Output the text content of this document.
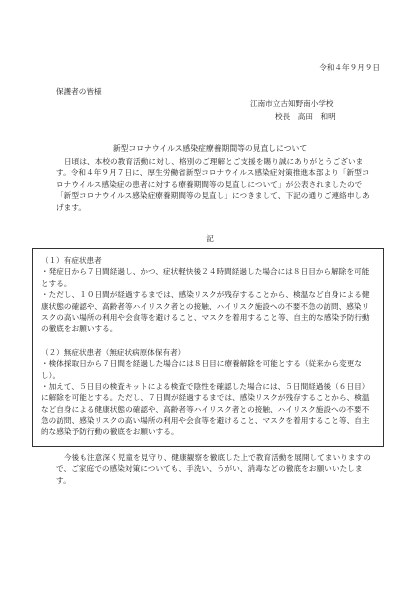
令和４年９月９日
保護者の皆様
江南市立古知野南小学校
校長　高田　和明
新型コロナウイルス感染症療養期間等の見直しについて

日頃は、本校の教育活動に対し、格別のご理解とご支援を賜り誠にありがとうございます。令和４年９月７日に、厚生労働省新型コロナウイルス感染症対策推進本部より「新型コロナウイルス感染症の患者に対する療養期間等の見直しについて」が公表されましたので「新型コロナウイルス感染症療養期間等の見直し」につきまして、下記の通りご連絡申しあげます。

記

（１）有症状患者

・発症日から７日間経過し、かつ、症状軽快後２４時間経過した場合には８日目から解除を可能とする。

・ただし、１０日間が経過するまでは、感染リスクが残存することから、検温など自身による健康状態の確認や、高齢者等ハイリスク者との接触、ハイリスク施設への不要不急の訪問、感染リスクの高い場所の利用や会食等を避けること、マスクを着用すること等、自主的な感染予防行動の徹底をお願いする。

（２）無症状患者（無症状病原体保有者）

・検体採取日から７日間を経過した場合には８日目に療養解除を可能とする（従来から変更なし）。

・加えて、５日目の検査キットによる検査で陰性を確認した場合には、５日間経過後（６日目）に解除を可能とする。ただし、７日間が経過するまでは、感染リスクが残存することから、検温など自身による健康状態の確認や、高齢者等ハイリスク者との接触、ハイリスク施設への不要不急の訪問、感染リスクの高い場所の利用や会食等を避けること、マスクを着用すること等、自主的な感染予防行動の徹底をお願いする。

今後も注意深く児童を見守り、健康観察を徹底した上で教育活動を展開してまいりますので、ご家庭での感染対策についても、手洗い、うがい、消毒などの徹底をお願いいたします。
